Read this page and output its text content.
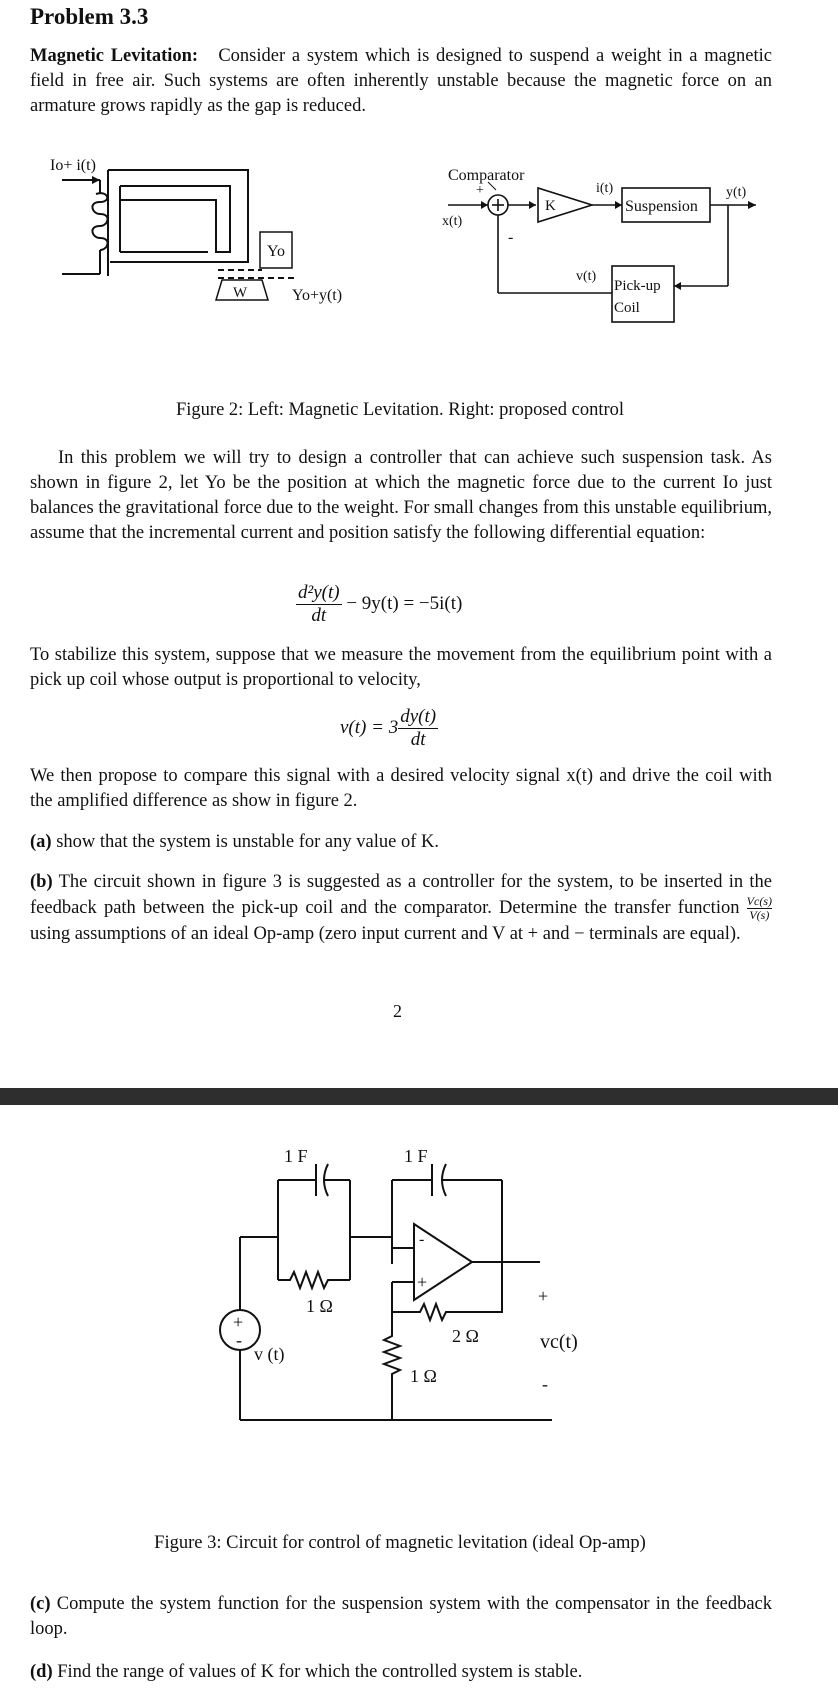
Problem 3.3

Magnetic Levitation: Consider a system which is designed to suspend a weight in a magnetic field in free air. Such systems are often inherently unstable because the magnetic force on an armature grows rapidly as the gap is reduced.

Io+ i(t)
Yo
W	Yo+y(t)
Comparator
+
x(t)
-
K
i(t)
Suspension
y(t)
Pick-up
Coil
v(t)
Figure 2: Left: Magnetic Levitation. Right: proposed control

In this problem we will try to design a controller that can achieve such suspension task. As shown in figure 2, let Yo be the position at which the magnetic force due to the current Io just balances the gravitational force due to the weight. For small changes from this unstable equilibrium, assume that the incremental current and position satisfy the following differential equation:

$\frac{\text{d²y(t)}}{dt} - 9y(t) = -5i(t)$

To stabilize this system, suppose that we measure the movement from the equilibrium point with a pick up coil whose output is proportional to velocity,

$v(t) = 3 \frac{dy(t)}{dt}$

We then propose to compare this signal with a desired velocity signal x(t) and drive the coil with the amplified difference as show in figure 2.

(a) show that the system is unstable for any value of K.
(b) The circuit shown in figure 3 is suggested as a controller for the system, to be inserted in the feedback path between the pick-up coil and the comparator. Determine the transfer function $\frac{Vc(s)}{V(s)}$ using assumptions of an ideal Op-amp (zero input current and V at + and − terminals are equal).
2
1 F
1 Ω
+
-
v (t)
1 F
-
+
2 Ω
1 Ω
+
vc(t)
-
Figure 3: Circuit for control of magnetic levitation (ideal Op-amp)
(c) Compute the system function for the suspension system with the compensator in the feedback loop.
(d) Find the range of values of K for which the controlled system is stable.
